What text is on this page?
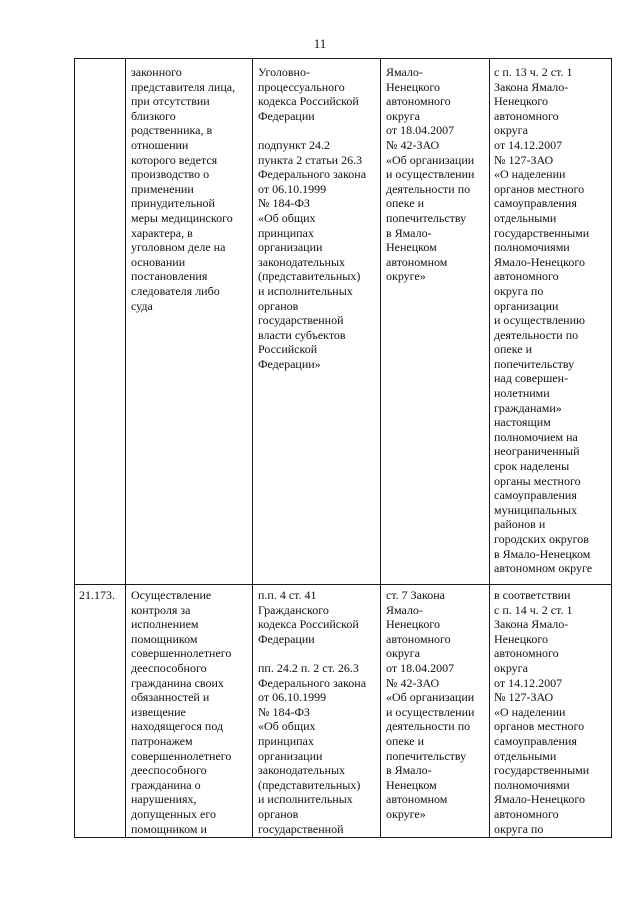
11
законного
представителя лица,
при отсутствии
близкого
родственника, в
отношении
которого ведется
производство о
применении
принудительной
меры медицинского
характера, в
уголовном деле на
основании
постановления
следователя либо
суда
Уголовно-
процессуального
кодекса Российской
Федерации

подпункт 24.2
пункта 2 статьи 26.3
Федерального закона
от 06.10.1999
№ 184-ФЗ
«Об общих
принципах
организации
законодательных
(представительных)
и исполнительных
органов
государственной
власти субъектов
Российской
Федерации»
Ямало-
Ненецкого
автономного
округа
от 18.04.2007
№ 42-ЗАО
«Об организации
и осуществлении
деятельности по
опеке и
попечительству
в Ямало-
Ненецком
автономном
округе»
с п. 13 ч. 2 ст. 1
Закона Ямало-
Ненецкого
автономного
округа
от 14.12.2007
№ 127-ЗАО
«О наделении
органов местного
самоуправления
отдельными
государственными
полномочиями
Ямало-Ненецкого
автономного
округа по
организации
и осуществлению
деятельности по
опеке и
попечительству
над совершен-
нолетними
гражданами»
настоящим
полномочием на
неограниченный
срок наделены
органы местного
самоуправления
муниципальных
районов и
городских округов
в Ямало-Ненецком
автономном округе
21.173.	Осуществление
контроля за
исполнением
помощником
совершеннолетнего
дееспособного
гражданина своих
обязанностей и
извещение
находящегося под
патронажем
совершеннолетнего
дееспособного
гражданина о
нарушениях,
допущенных его
помощником и
п.п. 4 ст. 41
Гражданского
кодекса Российской
Федерации

пп. 24.2 п. 2 ст. 26.3
Федерального закона
от 06.10.1999
№ 184-ФЗ
«Об общих
принципах
организации
законодательных
(представительных)
и исполнительных
органов
государственной
ст. 7 Закона
Ямало-
Ненецкого
автономного
округа
от 18.04.2007
№ 42-ЗАО
«Об организации
и осуществлении
деятельности по
опеке и
попечительству
в Ямало-
Ненецком
автономном
округе»
в соответствии
с п. 14 ч. 2 ст. 1
Закона Ямало-
Ненецкого
автономного
округа
от 14.12.2007
№ 127-ЗАО
«О наделении
органов местного
самоуправления
отдельными
государственными
полномочиями
Ямало-Ненецкого
автономного
округа по
